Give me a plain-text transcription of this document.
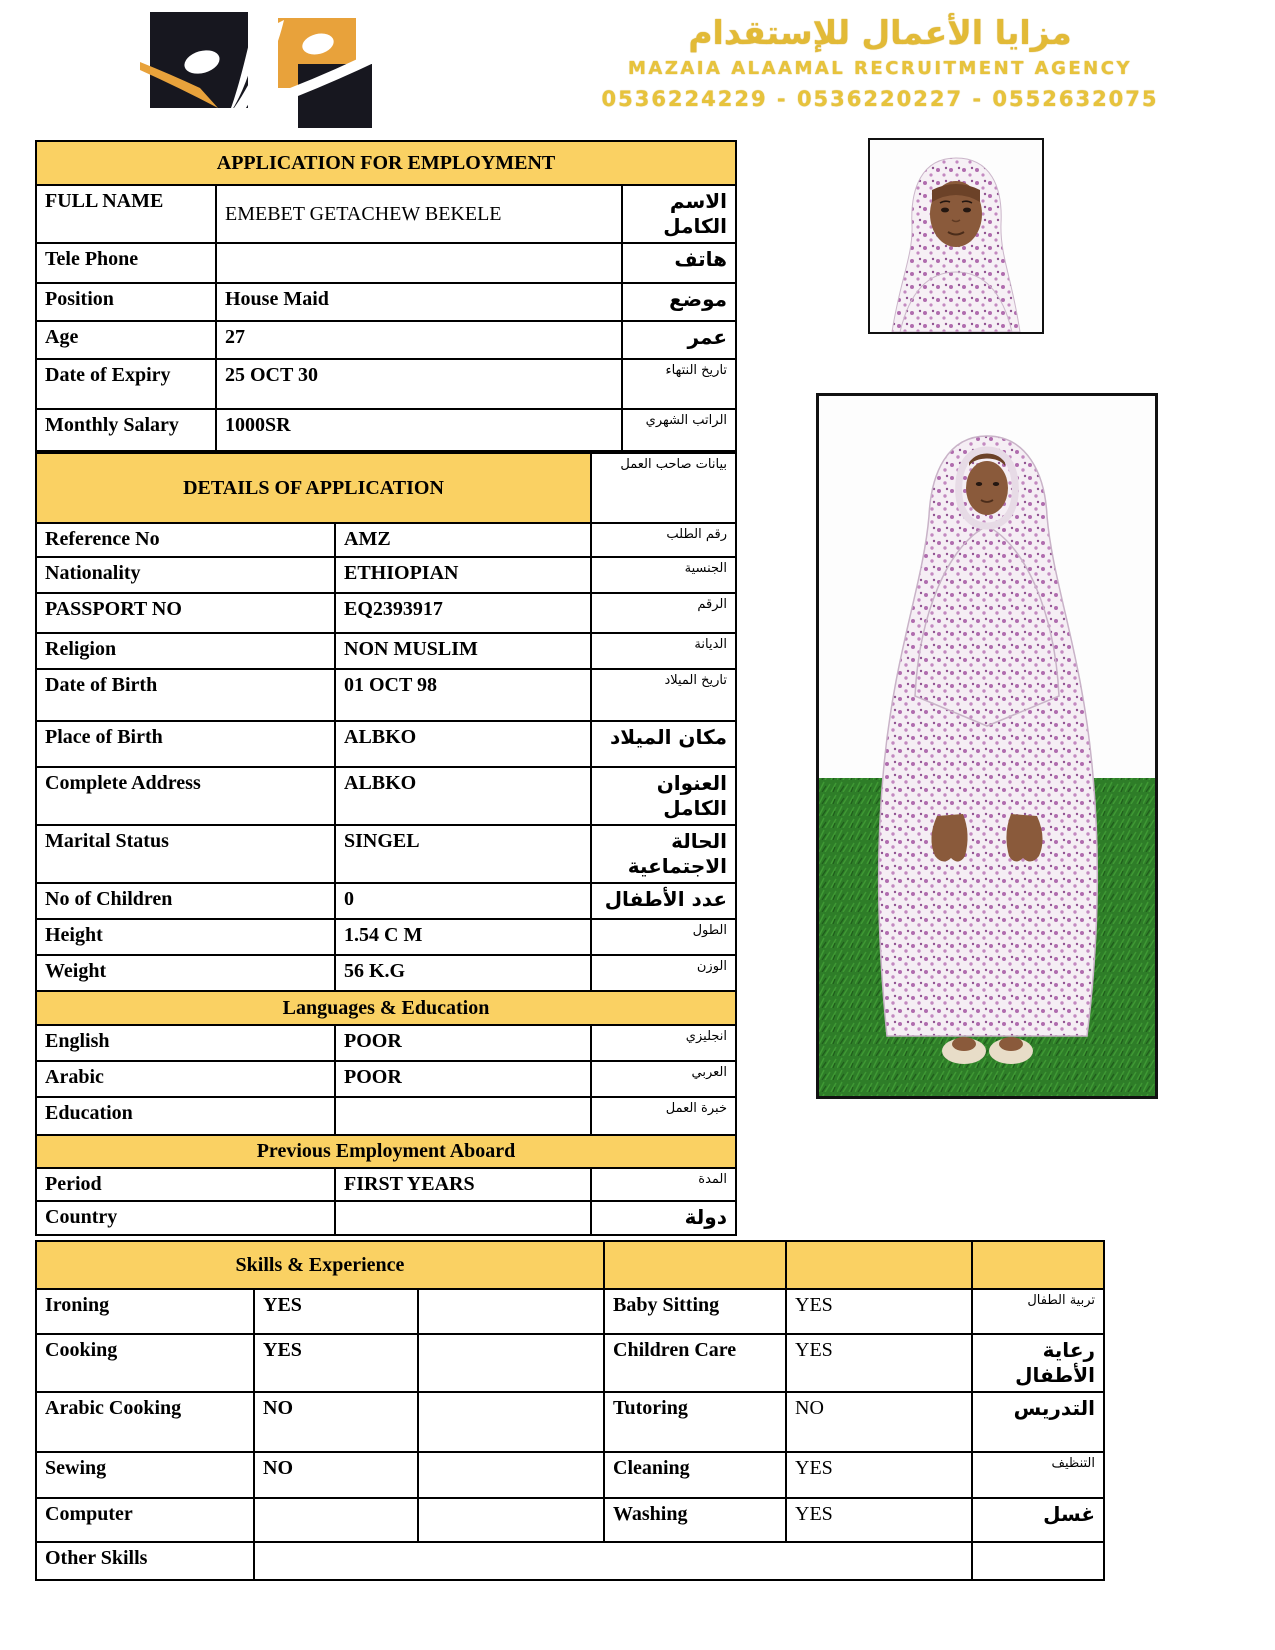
مزايا الأعمال للإستقدام
MAZAIA ALAAMAL RECRUITMENT AGENCY
0536224229 - 0536220227 - 0552632075
APPLICATION FOR EMPLOYMENT		
FULL NAME	EMEBET GETACHEW BEKELE	الاسم الكامل
Tele Phone		هاتف
Position	House Maid	موضع
Age	27	عمر
Date of Expiry	25 OCT 30	تاريخ النتهاء
Monthly Salary	1000SR	الراتب الشهري
DETAILS OF APPLICATION		بيانات صاحب العمل
Reference No	AMZ	رقم الطلب
Nationality	ETHIOPIAN	الجنسية
PASSPORT NO	EQ2393917	الرقم
Religion	NON MUSLIM	الديانة
Date of Birth	01 OCT 98	تاريخ الميلاد
Place of Birth	ALBKO	مكان الميلاد
Complete Address	ALBKO	العنوان الكامل
Marital Status	SINGEL	الحالة الاجتماعية
No of Children	0	عدد الأطفال
Height	1.54 C M	الطول
Weight	56 K.G	الوزن
Languages & Education		
English	POOR	انجليزي
Arabic	POOR	العربي
Education		خبرة العمل
Previous Employment Aboard		
Period	FIRST YEARS	المدة
Country		دولة
Skills & Experience					
Ironing	YES		Baby Sitting	YES	تربية الطفال
Cooking	YES		Children Care	YES	رعاية الأطفال
Arabic Cooking	NO		Tutoring	NO	التدريس
Sewing	NO		Cleaning	YES	التنظيف
Computer			Washing	YES	غسل
Other Skills					
